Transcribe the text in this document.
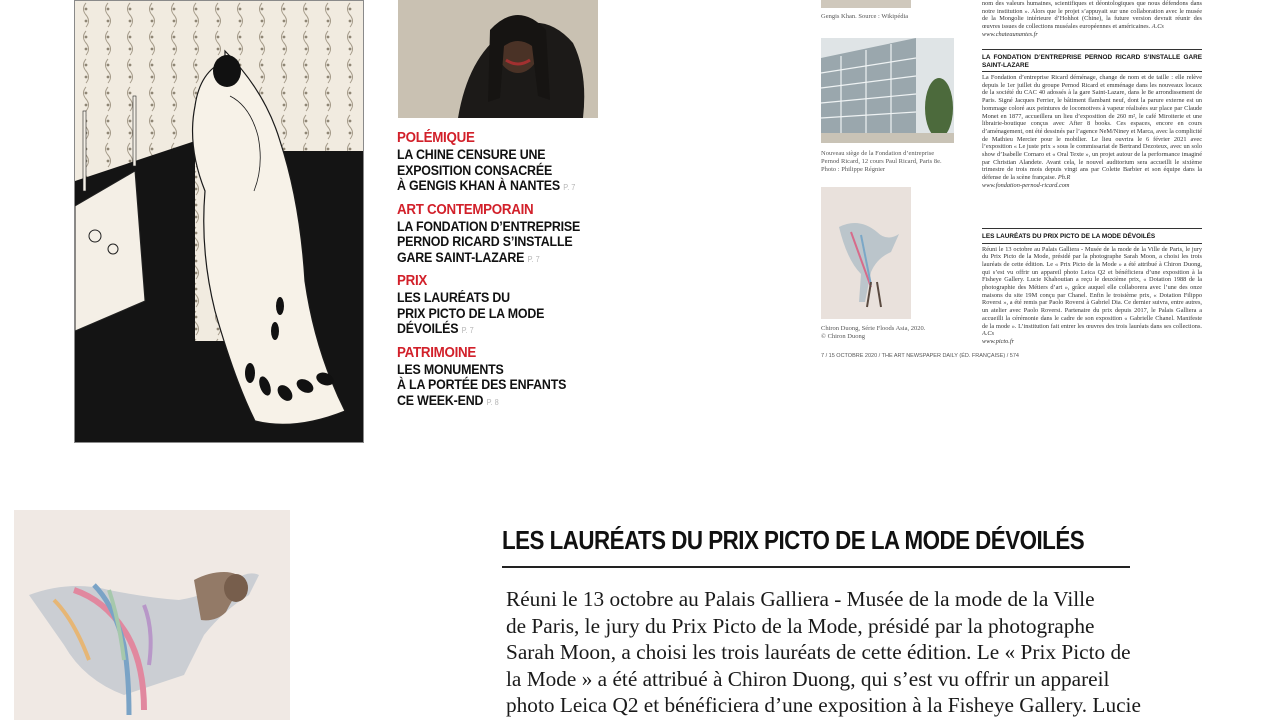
POLÉMIQUE
LA CHINE CENSURE UNE
EXPOSITION CONSACRÉE
À GENGIS KHAN À NANTES P. 7
ART CONTEMPORAIN
LA FONDATION D’ENTREPRISE
PERNOD RICARD S’INSTALLE
GARE SAINT-LAZARE P. 7
PRIX
LES LAURÉATS DU
PRIX PICTO DE LA MODE
DÉVOILÉS P. 7
PATRIMOINE
LES MONUMENTS
À LA PORTÉE DES ENFANTS
CE WEEK-END P. 8
Gengis Khan. Source : Wikipédia
Nouveau siège de la Fondation d’entreprise
Pernod Ricard, 12 cours Paul Ricard, Paris 8e.
Photo : Philippe Régnier
Chiron Duong, Série Floods Asia, 2020.
© Chiron Duong
7 / 15 OCTOBRE 2020 / THE ART NEWSPAPER DAILY (ÉD. FRANÇAISE) / 574
nom des valeurs humaines, scientifiques et déontologiques que nous défendons dans notre institution ». Alors que le projet s’appuyait sur une collaboration avec le musée de la Mongolie intérieure d’Hohhot (Chine), la future version devrait réunir des œuvres issues de collections muséales européennes et américaines. A.Cs
www.chateaunantes.fr
LA FONDATION D’ENTREPRISE PERNOD RICARD S’INSTALLE GARE SAINT-LAZARE
La Fondation d’entreprise Ricard déménage, change de nom et de taille : elle relève depuis le 1er juillet du groupe Pernod Ricard et emménage dans les nouveaux locaux de la société du CAC 40 adossés à la gare Saint-Lazare, dans le 8e arrondissement de Paris. Signé Jacques Ferrier, le bâtiment flambant neuf, dont la parure externe est un hommage coloré aux peintures de locomotives à vapeur réalisées sur place par Claude Monet en 1877, accueillera un lieu d’exposition de 260 m², le café Miroiterie et une librairie-boutique conçus avec After 8 books. Ces espaces, encore en cours d’aménagement, ont été dessinés par l’agence NeM/Niney et Marca, avec la complicité de Mathieu Mercier pour le mobilier. Le lieu ouvrira le 6 février 2021 avec l’exposition « Le juste prix » sous le commissariat de Bertrand Dezoteux, avec un solo show d’Isabelle Cornaro et « Oral Texte », un projet autour de la performance imaginé par Christian Alandete. Avant cela, le nouvel auditorium sera accueilli le sixième trimestre de trois mois depuis vingt ans par Colette Barbier et son équipe dans la défense de la scène française. Ph.R
www.fondation-pernod-ricard.com
LES LAURÉATS DU PRIX PICTO DE LA MODE DÉVOILÉS
Réuni le 13 octobre au Palais Galliera - Musée de la mode de la Ville de Paris, le jury du Prix Picto de la Mode, présidé par la photographe Sarah Moon, a choisi les trois lauréats de cette édition. Le « Prix Picto de la Mode » a été attribué à Chiron Duong, qui s’est vu offrir un appareil photo Leica Q2 et bénéficiera d’une exposition à la Fisheye Gallery. Lucie Khahoutian a reçu le deuxième prix, « Dotation 1988 de la photographie des Métiers d’art », grâce auquel elle collaborera avec l’une des onze maisons du site 19M conçu par Chanel. Enfin le troisième prix, « Dotation Filippo Roversi », a été remis par Paolo Roversi à Gabriel Dia. Ce dernier suivra, entre autres, un atelier avec Paolo Roversi. Partenaire du prix depuis 2017, le Palais Galliera a accueilli la cérémonie dans le cadre de son exposition « Gabrielle Chanel. Manifeste de la mode ». L’institution fait entrer les œuvres des trois lauréats dans ses collections. A.Cs
www.picto.fr
LES LAURÉATS DU PRIX PICTO DE LA MODE DÉVOILÉS

Réuni le 13 octobre au Palais Galliera - Musée de la mode de la Ville
de Paris, le jury du Prix Picto de la Mode, présidé par la photographe
Sarah Moon, a choisi les trois lauréats de cette édition. Le « Prix Picto de
la Mode » a été attribué à Chiron Duong, qui s’est vu offrir un appareil
photo Leica Q2 et bénéficiera d’une exposition à la Fisheye Gallery. Lucie
